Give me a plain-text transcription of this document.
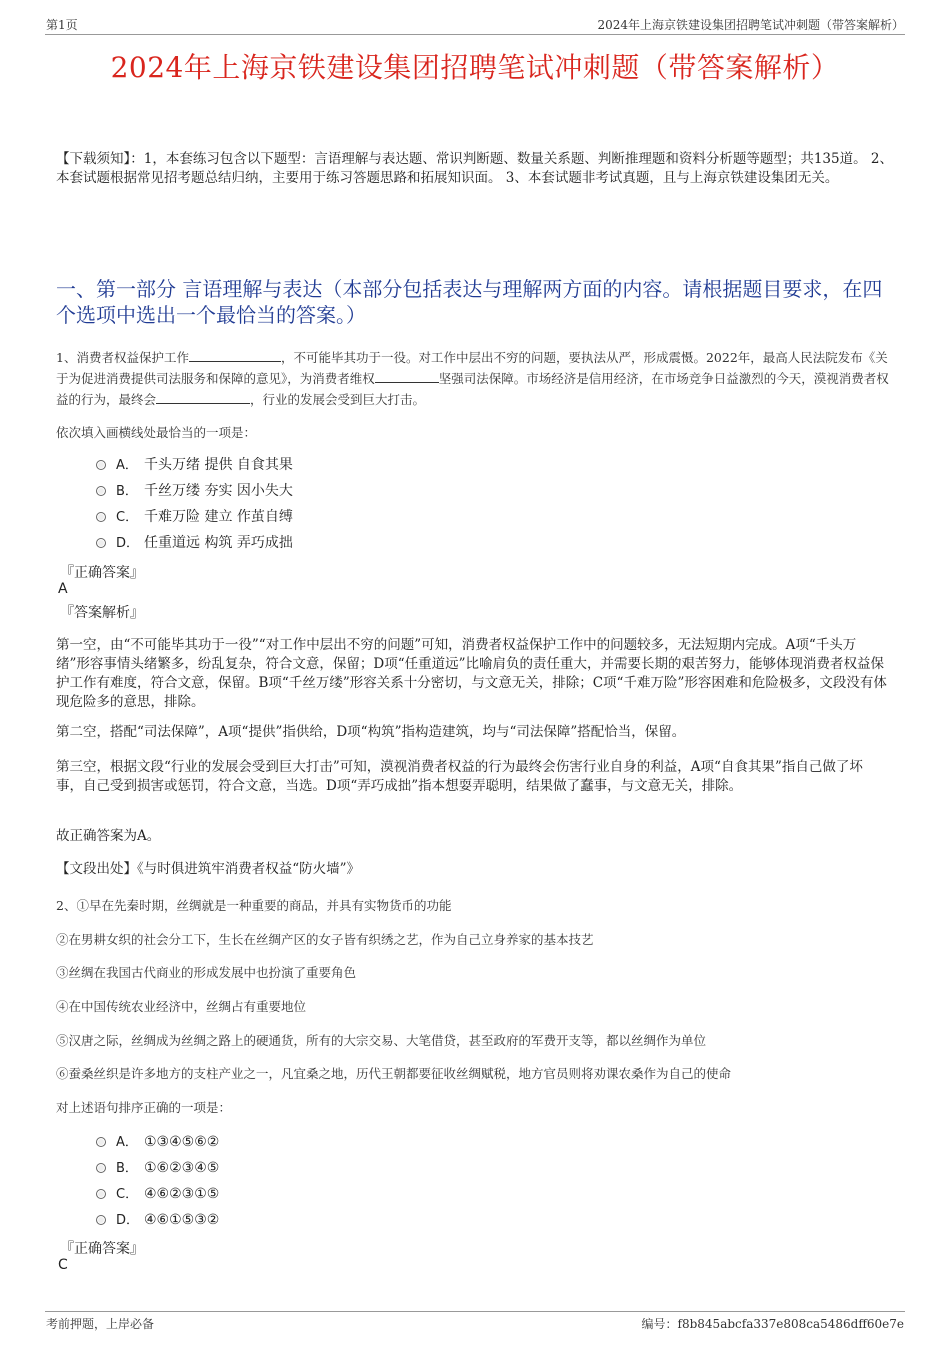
第1页	2024年上海京铁建设集团招聘笔试冲刺题（带答案解析）
2024年上海京铁建设集团招聘笔试冲刺题（带答案解析）
【下载须知】：1，本套练习包含以下题型：言语理解与表达题、常识判断题、数量关系题、判断推理题和资料分析题等题型；共135道。 2、本套试题根据常见招考题总结归纳，主要用于练习答题思路和拓展知识面。 3、本套试题非考试真题，且与上海京铁建设集团无关。
一、第一部分 言语理解与表达（本部分包括表达与理解两方面的内容。请根据题目要求，在四个选项中选出一个最恰当的答案。）
1、消费者权益保护工作	，不可能毕其功于一役。对工作中层出不穷的问题，要执法从严，形成震慑。2022年，最高人民法院发布《关于为促进消费提供司法服务和保障的意见》，为消费者维权	坚强司法保障。市场经济是信用经济，在市场竞争日益激烈的今天，漠视消费者权益的行为，最终会	，行业的发展会受到巨大打击。
依次填入画横线处最恰当的一项是：
A． 千头万绪 提供 自食其果
B． 千丝万缕 夯实 因小失大
C． 千难万险 建立 作茧自缚
D． 任重道远 构筑 弄巧成拙
『正确答案』
A
『答案解析』
第一空，由“不可能毕其功于一役”“对工作中层出不穷的问题”可知，消费者权益保护工作中的问题较多，无法短期内完成。A项“千头万绪”形容事情头绪繁多，纷乱复杂，符合文意，保留；D项“任重道远”比喻肩负的责任重大，并需要长期的艰苦努力，能够体现消费者权益保护工作有难度，符合文意，保留。B项“千丝万缕”形容关系十分密切，与文意无关，排除；C项“千难万险”形容困难和危险极多，文段没有体现危险多的意思，排除。
第二空，搭配“司法保障”，A项“提供”指供给，D项“构筑”指构造建筑，均与“司法保障”搭配恰当，保留。
第三空，根据文段“行业的发展会受到巨大打击”可知，漠视消费者权益的行为最终会伤害行业自身的利益，A项“自食其果”指自己做了坏事，自己受到损害或惩罚，符合文意，当选。D项“弄巧成拙”指本想耍弄聪明，结果做了蠢事，与文意无关，排除。
故正确答案为A。
【文段出处】《与时俱进筑牢消费者权益“防火墙”》
2、①早在先秦时期，丝绸就是一种重要的商品，并具有实物货币的功能
②在男耕女织的社会分工下，生长在丝绸产区的女子皆有织绣之艺，作为自己立身养家的基本技艺
③丝绸在我国古代商业的形成发展中也扮演了重要角色
④在中国传统农业经济中，丝绸占有重要地位
⑤汉唐之际，丝绸成为丝绸之路上的硬通货，所有的大宗交易、大笔借贷，甚至政府的军费开支等，都以丝绸作为单位
⑥蚕桑丝织是许多地方的支柱产业之一，凡宜桑之地，历代王朝都要征收丝绸赋税，地方官员则将劝课农桑作为自己的使命
对上述语句排序正确的一项是：
A． ①③④⑤⑥②
B． ①⑥②③④⑤
C． ④⑥②③①⑤
D． ④⑥①⑤③②
『正确答案』
C
考前押题，上岸必备	编号：f8b845abcfa337e808ca5486dff60e7e
